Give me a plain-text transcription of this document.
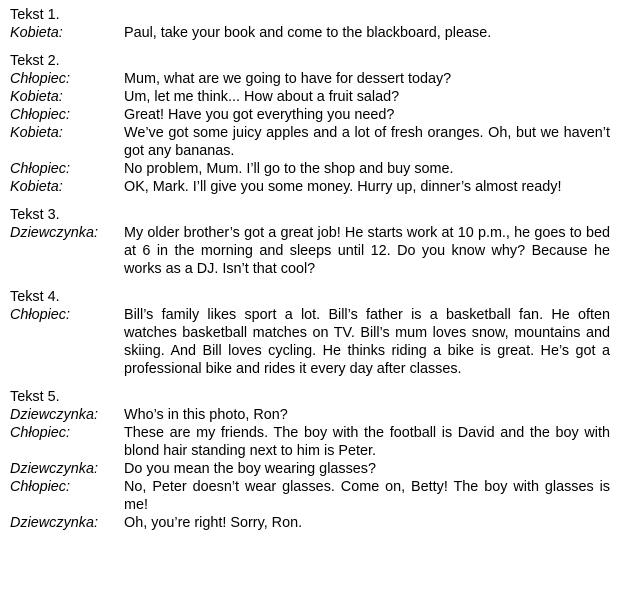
Tekst 1.
Kobieta:	Paul, take your book and come to the blackboard, please.
Tekst 2.
Chłopiec:	Mum, what are we going to have for dessert today?
Kobieta:	Um, let me think... How about a fruit salad?
Chłopiec:	Great! Have you got everything you need?
Kobieta:	We’ve got some juicy apples and a lot of fresh oranges. Oh, but we haven’t got any bananas.
Chłopiec:	No problem, Mum. I’ll go to the shop and buy some.
Kobieta:	OK, Mark. I’ll give you some money. Hurry up, dinner’s almost ready!
Tekst 3.
Dziewczynka:	My older brother’s got a great job! He starts work at 10 p.m., he goes to bed at 6 in the morning and sleeps until 12. Do you know why? Because he works as a DJ. Isn’t that cool?
Tekst 4.
Chłopiec:	Bill’s family likes sport a lot. Bill’s father is a basketball fan. He often watches basketball matches on TV. Bill’s mum loves snow, mountains and skiing. And Bill loves cycling. He thinks riding a bike is great. He’s got a professional bike and rides it every day after classes.
Tekst 5.
Dziewczynka:	Who’s in this photo, Ron?
Chłopiec:	These are my friends. The boy with the football is David and the boy with blond hair standing next to him is Peter.
Dziewczynka:	Do you mean the boy wearing glasses?
Chłopiec:	No, Peter doesn’t wear glasses. Come on, Betty! The boy with glasses is me!
Dziewczynka:	Oh, you’re right! Sorry, Ron.
